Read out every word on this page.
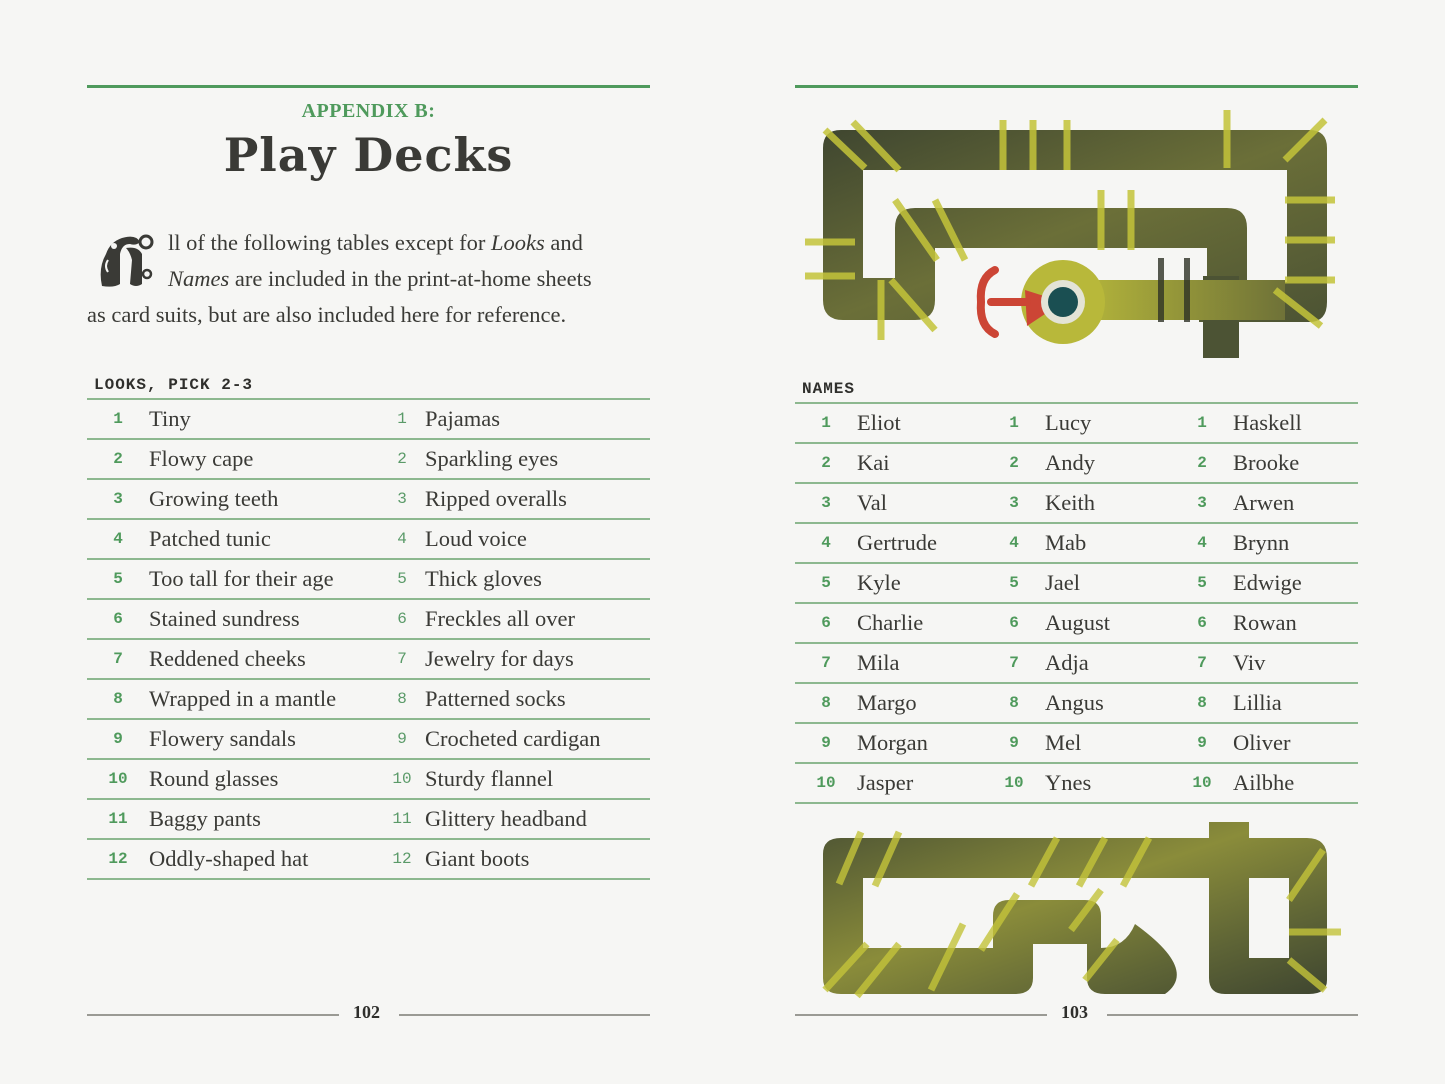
APPENDIX B:
Play Decks
ll of the following tables except for Looks and
Names are included in the print-at-home sheets
as card suits, but are also included here for reference.
LOOKS, PICK 2-3
1	Tiny	1 Pajamas
2	Flowy cape	2 Sparkling eyes
3	Growing teeth	3 Ripped overalls
4	Patched tunic	4 Loud voice
5	Too tall for their age	5 Thick gloves
6	Stained sundress	6 Freckles all over
7	Reddened cheeks	7 Jewelry for days
8	Wrapped in a mantle	8 Patterned socks
9	Flowery sandals	9 Crocheted cardigan
10 Round glasses	10 Sturdy flannel
11 Baggy pants	11 Glittery headband
12 Oddly-shaped hat	12 Giant boots
102
NAMES
1	Eliot	1	Lucy	1	Haskell
2	Kai	2	Andy	2	Brooke
3	Val	3	Keith	3	Arwen
4	Gertrude	4	Mab	4	Brynn
5	Kyle	5	Jael	5	Edwige
6	Charlie	6	August	6	Rowan
7	Mila	7	Adja	7	Viv
8	Margo	8	Angus	8	Lillia
9	Morgan	9	Mel	9	Oliver
10 Jasper	10 Ynes	10 Ailbhe
103
